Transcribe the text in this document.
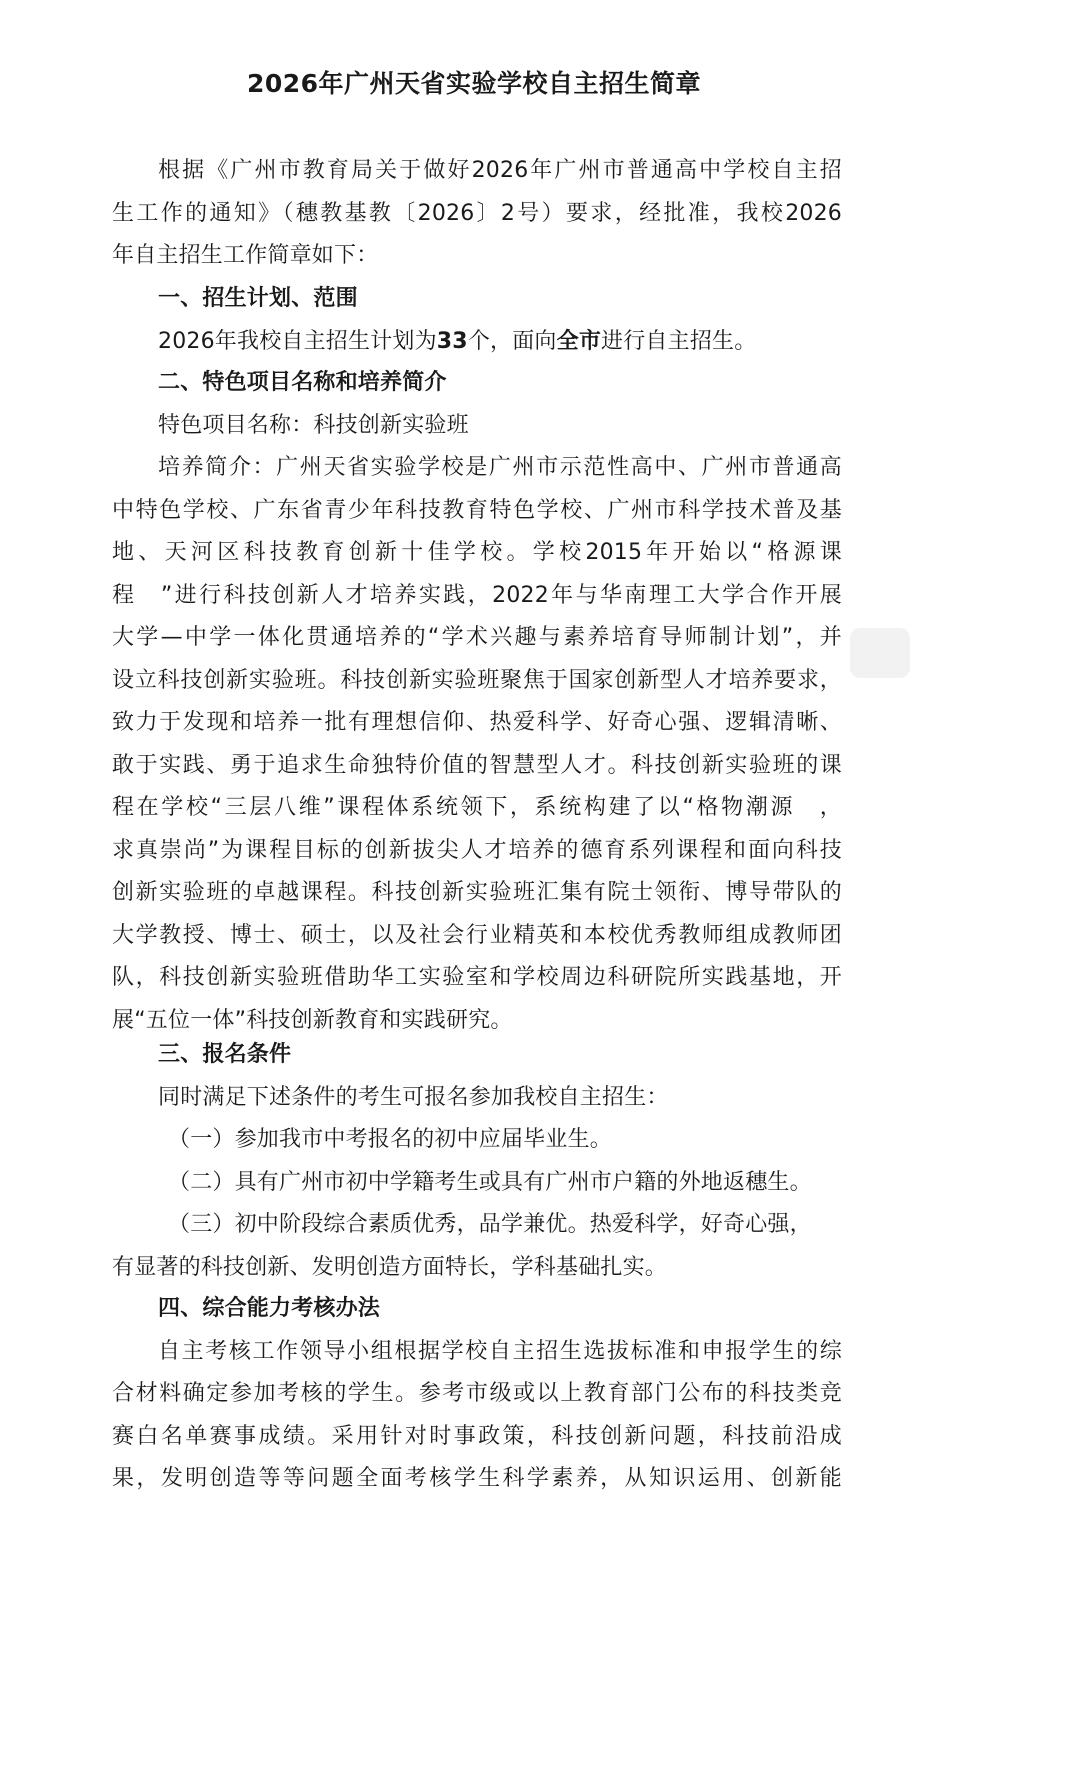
2026年广州天省实验学校自主招生简章
根据《广州市教育局关于做好2026年广州市普通高中学校自主招
生工作的通知》（穗教基教〔2026〕2号）要求，经批准，我校2026
年自主招生工作简章如下：
一、招生计划、范围
2026年我校自主招生计划为33个，面向全市进行自主招生。
二、特色项目名称和培养简介
特色项目名称：科技创新实验班
培养简介：广州天省实验学校是广州市示范性高中、广州市普通高
中特色学校、广东省青少年科技教育特色学校、广州市科学技术普及基
地、天河区科技教育创新十佳学校。学校2015年开始以“格源课
程　”进行科技创新人才培养实践，2022年与华南理工大学合作开展
大学—中学一体化贯通培养的“学术兴趣与素养培育导师制计划”，并
设立科技创新实验班。科技创新实验班聚焦于国家创新型人才培养要求，
致力于发现和培养一批有理想信仰、热爱科学、好奇心强、逻辑清晰、
敢于实践、勇于追求生命独特价值的智慧型人才。科技创新实验班的课
程在学校“三层八维”课程体系统领下，系统构建了以“格物潮源　，
求真崇尚”为课程目标的创新拔尖人才培养的德育系列课程和面向科技
创新实验班的卓越课程。科技创新实验班汇集有院士领衔、博导带队的
大学教授、博士、硕士，以及社会行业精英和本校优秀教师组成教师团
队，科技创新实验班借助华工实验室和学校周边科研院所实践基地，开
展“五位一体”科技创新教育和实践研究。
三、报名条件
同时满足下述条件的考生可报名参加我校自主招生：
（一）参加我市中考报名的初中应届毕业生。
（二）具有广州市初中学籍考生或具有广州市户籍的外地返穗生。
（三）初中阶段综合素质优秀，品学兼优。热爱科学，好奇心强，
有显著的科技创新、发明创造方面特长，学科基础扎实。
四、综合能力考核办法
自主考核工作领导小组根据学校自主招生选拔标准和申报学生的综
合材料确定参加考核的学生。参考市级或以上教育部门公布的科技类竞
赛白名单赛事成绩。采用针对时事政策，科技创新问题，科技前沿成
果，发明创造等等问题全面考核学生科学素养，从知识运用、创新能
